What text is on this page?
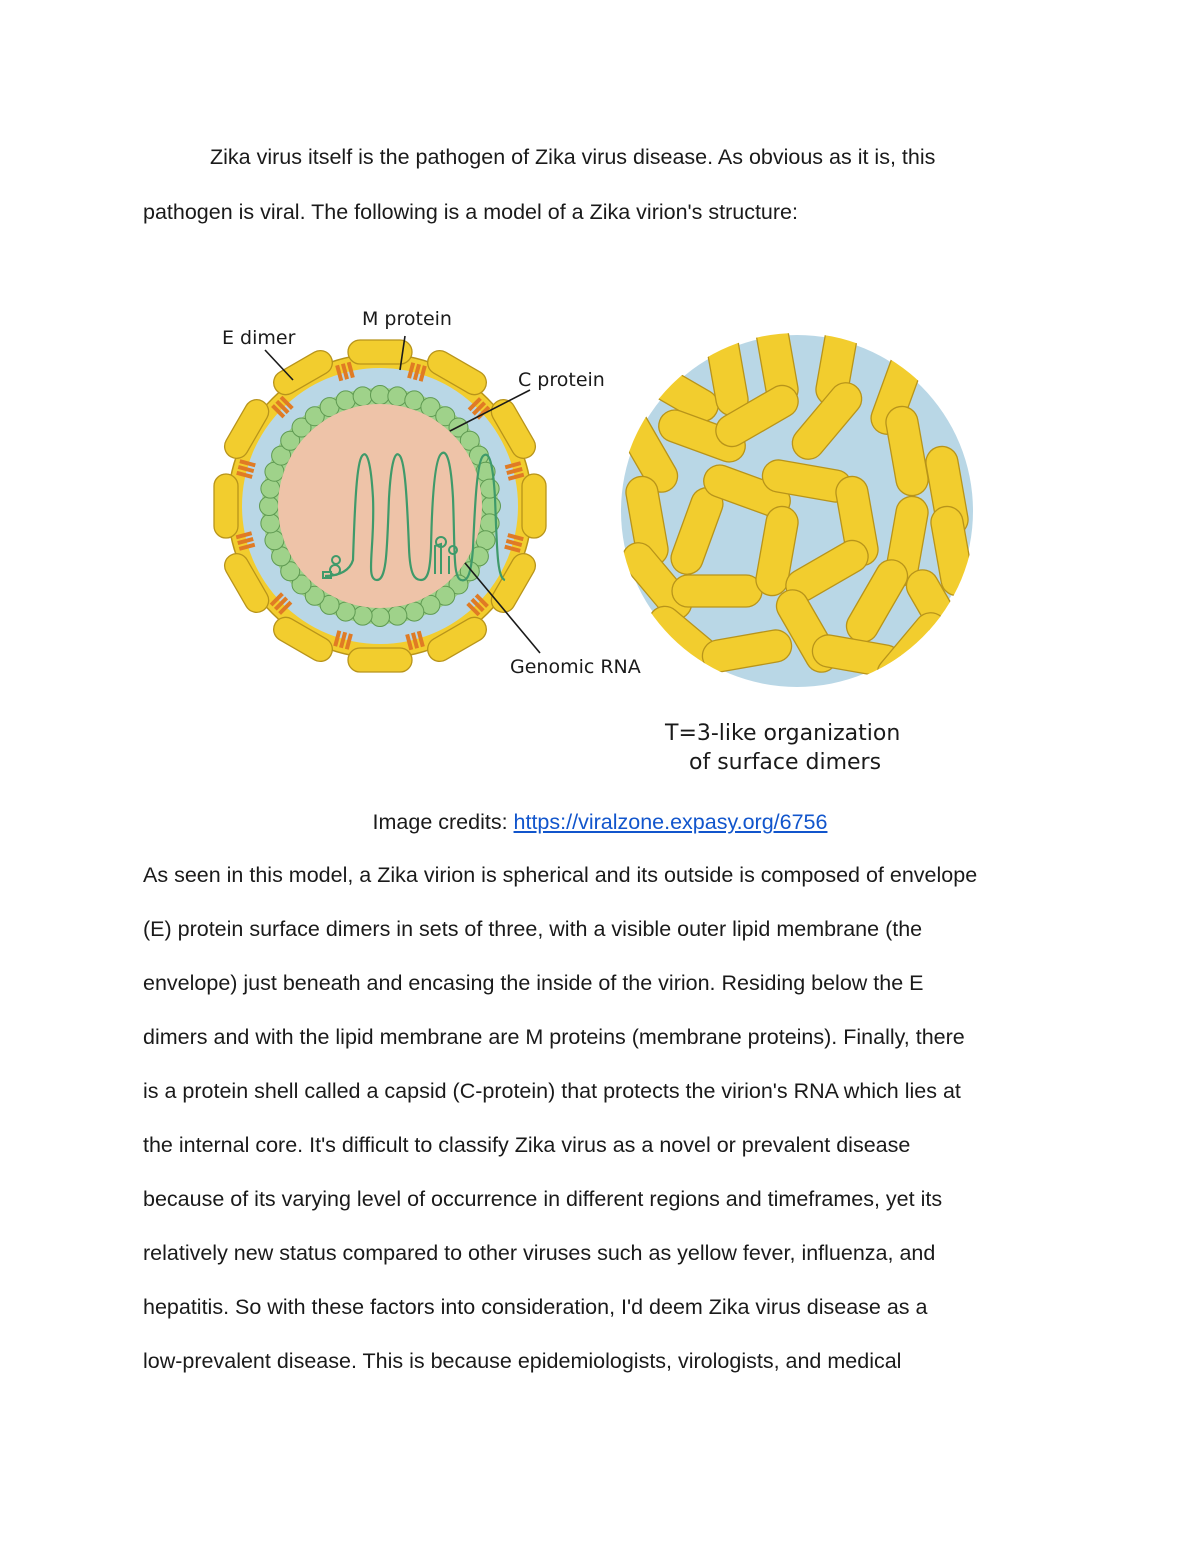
Zika virus itself is the pathogen of Zika virus disease. As obvious as it is, this
pathogen is viral. The following is a model of a Zika virion's structure:
E dimer
M protein
C protein
Genomic RNA
T=3-like organization
of surface dimers
Image credits: https://viralzone.expasy.org/6756
As seen in this model, a Zika virion is spherical and its outside is composed of envelope
(E) protein surface dimers in sets of three, with a visible outer lipid membrane (the
envelope) just beneath and encasing the inside of the virion. Residing below the E
dimers and with the lipid membrane are M proteins (membrane proteins). Finally, there
is a protein shell called a capsid (C-protein) that protects the virion's RNA which lies at
the internal core. It's difficult to classify Zika virus as a novel or prevalent disease
because of its varying level of occurrence in different regions and timeframes, yet its
relatively new status compared to other viruses such as yellow fever, influenza, and
hepatitis. So with these factors into consideration, I'd deem Zika virus disease as a
low-prevalent disease. This is because epidemiologists, virologists, and medical
